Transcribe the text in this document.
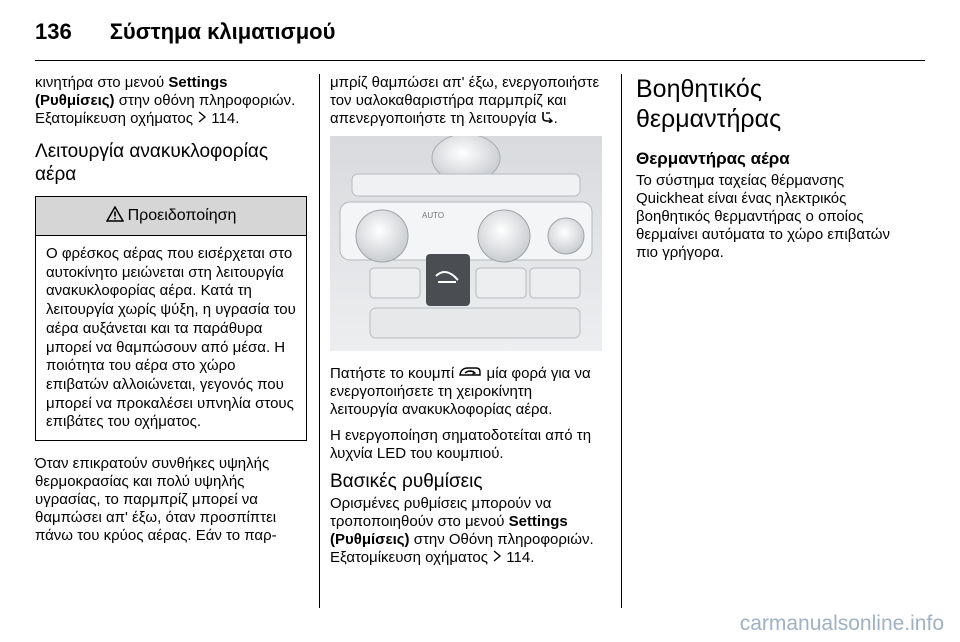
136 Σύστημα κλιματισμού

κινητήρα στο μενού Settings (Ρυθμίσεις) στην οθόνη πληροφοριών. Εξατομίκευση οχήματος  114.

Λειτουργία ανακυκλοφορίας αέρα
Προειδοποίηση
Ο φρέσκος αέρας που εισέρχεται στο αυτοκίνητο μειώνεται στη λειτουργία ανακυκλοφορίας αέρα. Κατά τη λειτουργία χωρίς ψύξη, η υγρασία του αέρα αυξάνεται και τα παράθυρα μπορεί να θαμπώσουν από μέσα. Η ποιότητα του αέρα στο χώρο επιβατών αλλοιώνεται, γεγονός που μπορεί να προκαλέσει υπνηλία στους επιβάτες του οχήματος.

Όταν επικρατούν συνθήκες υψηλής θερμοκρασίας και πολύ υψηλής υγρασίας, το παρμπρίζ μπορεί να θαμπώσει απ' έξω, όταν προσπίπτει πάνω του κρύος αέρας. Εάν το παρ-

μπρίζ θαμπώσει απ' έξω, ενεργοποιήστε τον υαλοκαθαριστήρα παρμπρίζ και απενεργοποιήστε τη λειτουργία .

AUTO

Πατήστε το κουμπί  μία φορά για να ενεργοποιήσετε τη χειροκίνητη λειτουργία ανακυκλοφορίας αέρα.

Η ενεργοποίηση σηματοδοτείται από τη λυχνία LED του κουμπιού.

Βασικές ρυθμίσεις

Ορισμένες ρυθμίσεις μπορούν να τροποποιηθούν στο μενού Settings (Ρυθμίσεις) στην Οθόνη πληροφοριών. Εξατομίκευση οχήματος  114.

Βοηθητικός θερμαντήρας
Θερμαντήρας αέρα

Το σύστημα ταχείας θέρμανσης Quickheat είναι ένας ηλεκτρικός βοηθητικός θερμαντήρας ο οποίος θερμαίνει αυτόματα το χώρο επιβατών πιο γρήγορα.

carmanualsonline.info
